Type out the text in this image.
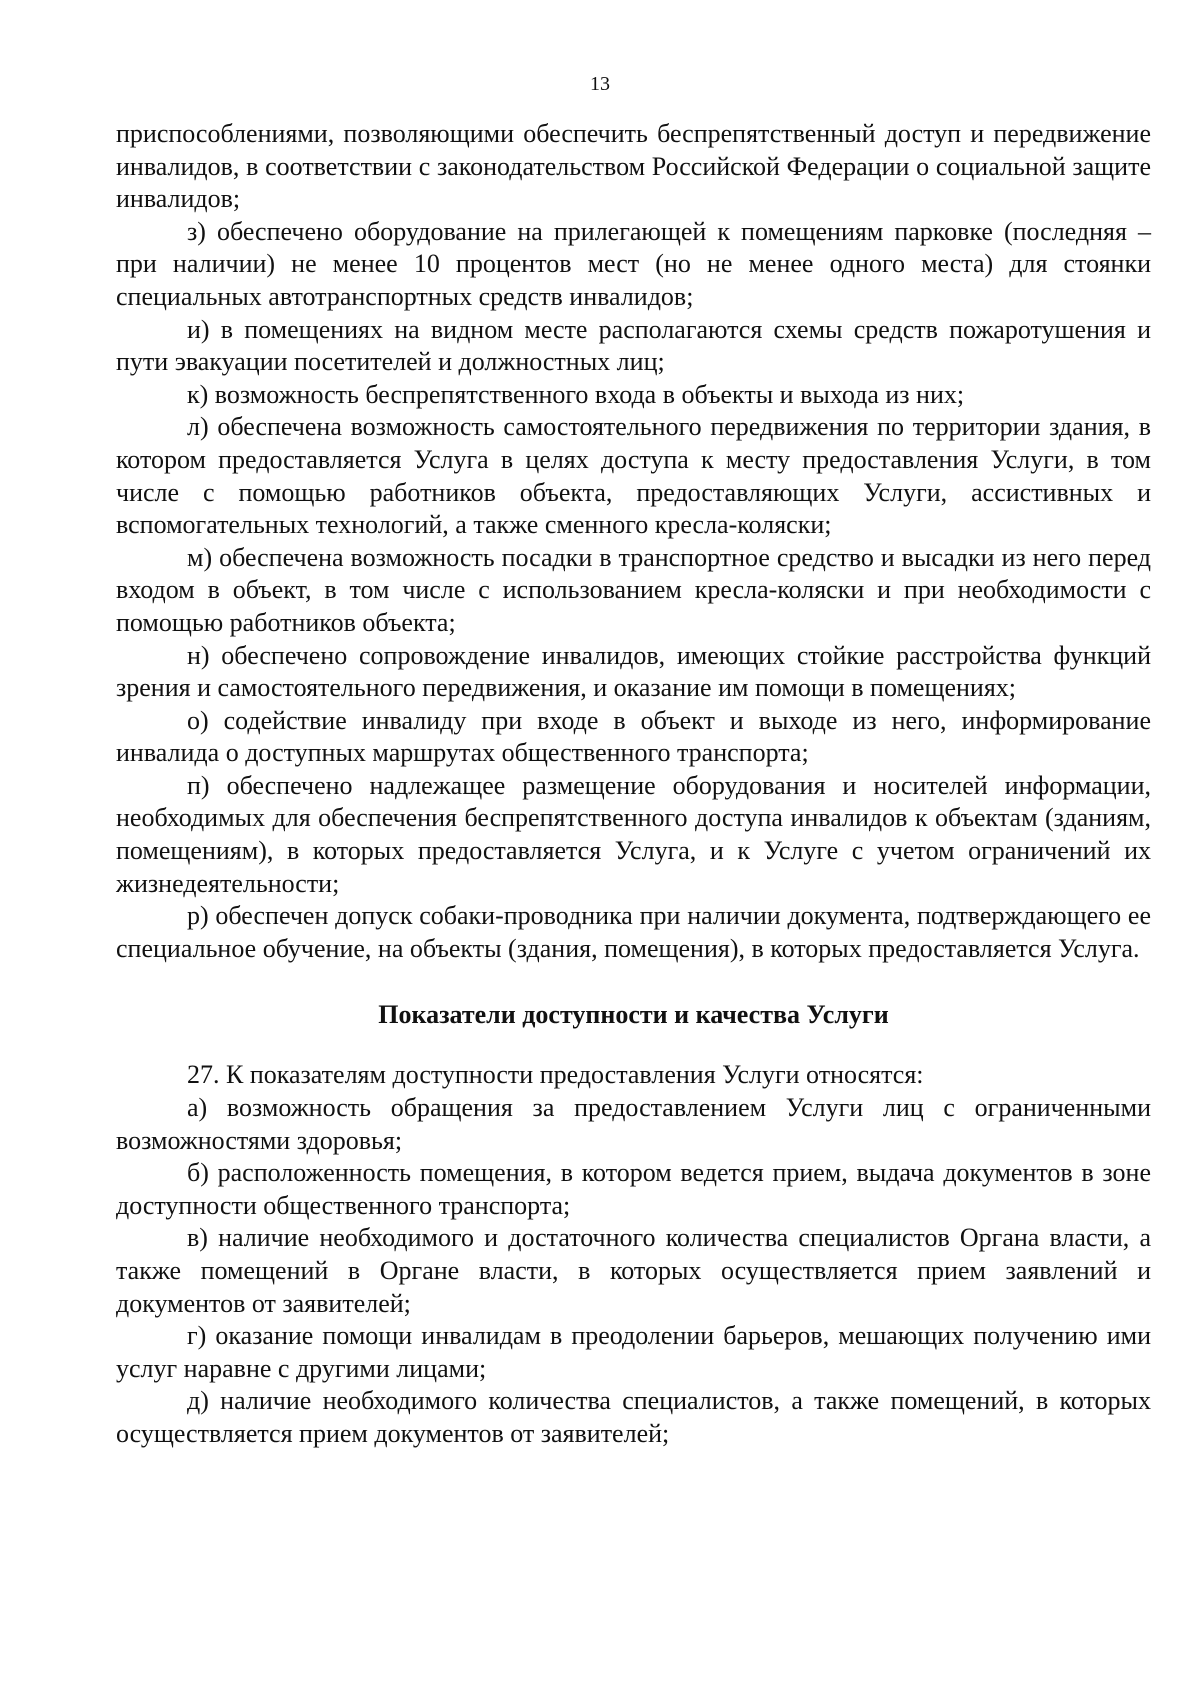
13

приспособлениями, позволяющими обеспечить беспрепятственный доступ и передвижение инвалидов, в соответствии с законодательством Российской Федерации о социальной защите инвалидов;

з) обеспечено оборудование на прилегающей к помещениям парковке (последняя – при наличии) не менее 10 процентов мест (но не менее одного места) для стоянки специальных автотранспортных средств инвалидов;

и) в помещениях на видном месте располагаются схемы средств пожаротушения и пути эвакуации посетителей и должностных лиц;

к) возможность беспрепятственного входа в объекты и выхода из них;

л) обеспечена возможность самостоятельного передвижения по территории здания, в котором предоставляется Услуга в целях доступа к месту предоставления Услуги, в том числе с помощью работников объекта, предоставляющих Услуги, ассистивных и вспомогательных технологий, а также сменного кресла-коляски;

м) обеспечена возможность посадки в транспортное средство и высадки из него перед входом в объект, в том числе с использованием кресла-коляски и при необходимости с помощью работников объекта;

н) обеспечено сопровождение инвалидов, имеющих стойкие расстройства функций зрения и самостоятельного передвижения, и оказание им помощи в помещениях;

о) содействие инвалиду при входе в объект и выходе из него, информирование инвалида о доступных маршрутах общественного транспорта;

п) обеспечено надлежащее размещение оборудования и носителей информации, необходимых для обеспечения беспрепятственного доступа инвалидов к объектам (зданиям, помещениям), в которых предоставляется Услуга, и к Услуге с учетом ограничений их жизнедеятельности;

р) обеспечен допуск собаки-проводника при наличии документа, подтверждающего ее специальное обучение, на объекты (здания, помещения), в которых предоставляется Услуга.

Показатели доступности и качества Услуги

27. К показателям доступности предоставления Услуги относятся:

а) возможность обращения за предоставлением Услуги лиц с ограниченными возможностями здоровья;

б) расположенность помещения, в котором ведется прием, выдача документов в зоне доступности общественного транспорта;

в) наличие необходимого и достаточного количества специалистов Органа власти, а также помещений в Органе власти, в которых осуществляется прием заявлений и документов от заявителей;

г) оказание помощи инвалидам в преодолении барьеров, мешающих получению ими услуг наравне с другими лицами;

д) наличие необходимого количества специалистов, а также помещений, в которых осуществляется прием документов от заявителей;
